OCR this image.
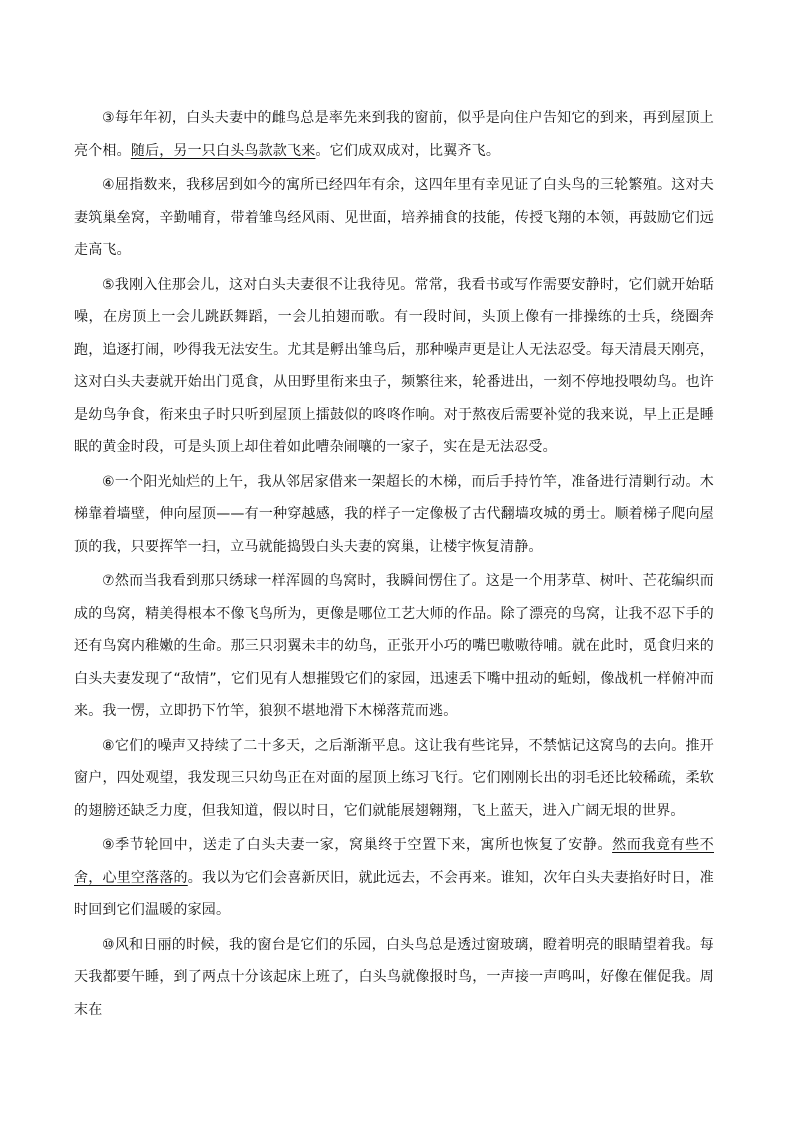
③每年年初，白头夫妻中的雌鸟总是率先来到我的窗前，似乎是向住户告知它的到来，再到屋顶上亮个相。随后，另一只白头鸟款款飞来。它们成双成对，比翼齐飞。

④屈指数来，我移居到如今的寓所已经四年有余，这四年里有幸见证了白头鸟的三轮繁殖。这对夫妻筑巢垒窝，辛勤哺育，带着雏鸟经风雨、见世面，培养捕食的技能，传授飞翔的本领，再鼓励它们远走高飞。

⑤我刚入住那会儿，这对白头夫妻很不让我待见。常常，我看书或写作需要安静时，它们就开始聒噪，在房顶上一会儿跳跃舞蹈，一会儿拍翅而歌。有一段时间，头顶上像有一排操练的士兵，绕圈奔跑，追逐打闹，吵得我无法安生。尤其是孵出雏鸟后，那种噪声更是让人无法忍受。每天清晨天刚亮，这对白头夫妻就开始出门觅食，从田野里衔来虫子，频繁往来，轮番进出，一刻不停地投喂幼鸟。也许是幼鸟争食，衔来虫子时只听到屋顶上擂鼓似的咚咚作响。对于熬夜后需要补觉的我来说，早上正是睡眠的黄金时段，可是头顶上却住着如此嘈杂闹嚷的一家子，实在是无法忍受。

⑥一个阳光灿烂的上午，我从邻居家借来一架超长的木梯，而后手持竹竿，准备进行清剿行动。木梯靠着墙壁，伸向屋顶——有一种穿越感，我的样子一定像极了古代翻墙攻城的勇士。顺着梯子爬向屋顶的我，只要挥竿一扫，立马就能捣毁白头夫妻的窝巢，让楼宇恢复清静。

⑦然而当我看到那只绣球一样浑圆的鸟窝时，我瞬间愣住了。这是一个用茅草、树叶、芒花编织而成的鸟窝，精美得根本不像飞鸟所为，更像是哪位工艺大师的作品。除了漂亮的鸟窝，让我不忍下手的还有鸟窝内稚嫩的生命。那三只羽翼未丰的幼鸟，正张开小巧的嘴巴嗷嗷待哺。就在此时，觅食归来的白头夫妻发现了“敌情”，它们见有人想摧毁它们的家园，迅速丢下嘴中扭动的蚯蚓，像战机一样俯冲而来。我一愣，立即扔下竹竿，狼狈不堪地滑下木梯落荒而逃。

⑧它们的噪声又持续了二十多天，之后渐渐平息。这让我有些诧异，不禁惦记这窝鸟的去向。推开窗户，四处观望，我发现三只幼鸟正在对面的屋顶上练习飞行。它们刚刚长出的羽毛还比较稀疏，柔软的翅膀还缺乏力度，但我知道，假以时日，它们就能展翅翱翔，飞上蓝天，进入广阔无垠的世界。

⑨季节轮回中，送走了白头夫妻一家，窝巢终于空置下来，寓所也恢复了安静。然而我竟有些不舍，心里空落落的。我以为它们会喜新厌旧，就此远去，不会再来。谁知，次年白头夫妻掐好时日，准时回到它们温暖的家园。

⑩风和日丽的时候，我的窗台是它们的乐园，白头鸟总是透过窗玻璃，瞪着明亮的眼睛望着我。每天我都要午睡，到了两点十分该起床上班了，白头鸟就像报时鸟，一声接一声鸣叫，好像在催促我。周末在
